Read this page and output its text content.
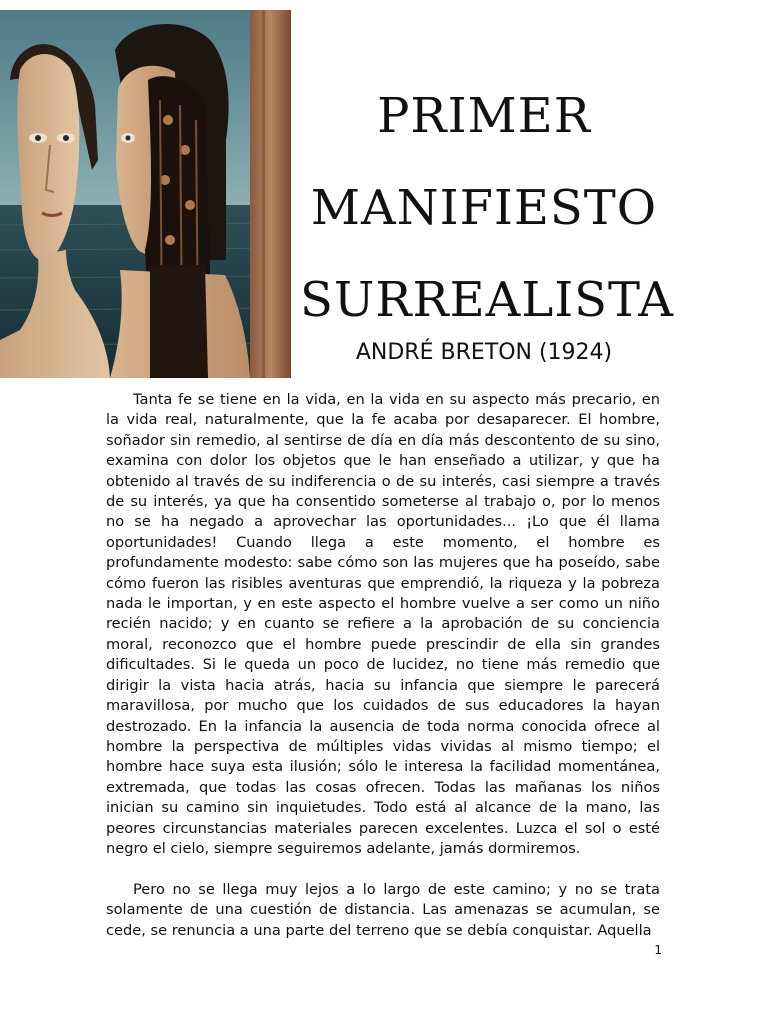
PRIMER
MANIFIESTO
SURREALISTA
ANDRÉ BRETON (1924)

Tanta fe se tiene en la vida, en la vida en su aspecto más precario, en la vida real, naturalmente, que la fe acaba por desaparecer. El hombre, soñador sin remedio, al sentirse de día en día más descontento de su sino, examina con dolor los objetos que le han enseñado a utilizar, y que ha obtenido al través de su indiferencia o de su interés, casi siempre a través de su interés, ya que ha consentido someterse al trabajo o, por lo menos no se ha negado a aprovechar las oportunidades... ¡Lo que él llama oportunidades! Cuando llega a este momento, el hombre es profundamente modesto: sabe cómo son las mujeres que ha poseído, sabe cómo fueron las risibles aventuras que emprendió, la riqueza y la pobreza nada le importan, y en este aspecto el hombre vuelve a ser como un niño recién nacido; y en cuanto se refiere a la aprobación de su conciencia moral, reconozco que el hombre puede prescindir de ella sin grandes dificultades. Si le queda un poco de lucidez, no tiene más remedio que dirigir la vista hacia atrás, hacia su infancia que siempre le parecerá maravillosa, por mucho que los cuidados de sus educadores la hayan destrozado. En la infancia la ausencia de toda norma conocida ofrece al hombre la perspectiva de múltiples vidas vividas al mismo tiempo; el hombre hace suya esta ilusión; sólo le interesa la facilidad momentánea, extremada, que todas las cosas ofrecen. Todas las mañanas los niños inician su camino sin inquietudes. Todo está al alcance de la mano, las peores circunstancias materiales parecen excelentes. Luzca el sol o esté negro el cielo, siempre seguiremos adelante, jamás dormiremos.

Pero no se llega muy lejos a lo largo de este camino; y no se trata solamente de una cuestión de distancia. Las amenazas se acumulan, se cede, se renuncia a una parte del terreno que se debía conquistar. Aquella

1
